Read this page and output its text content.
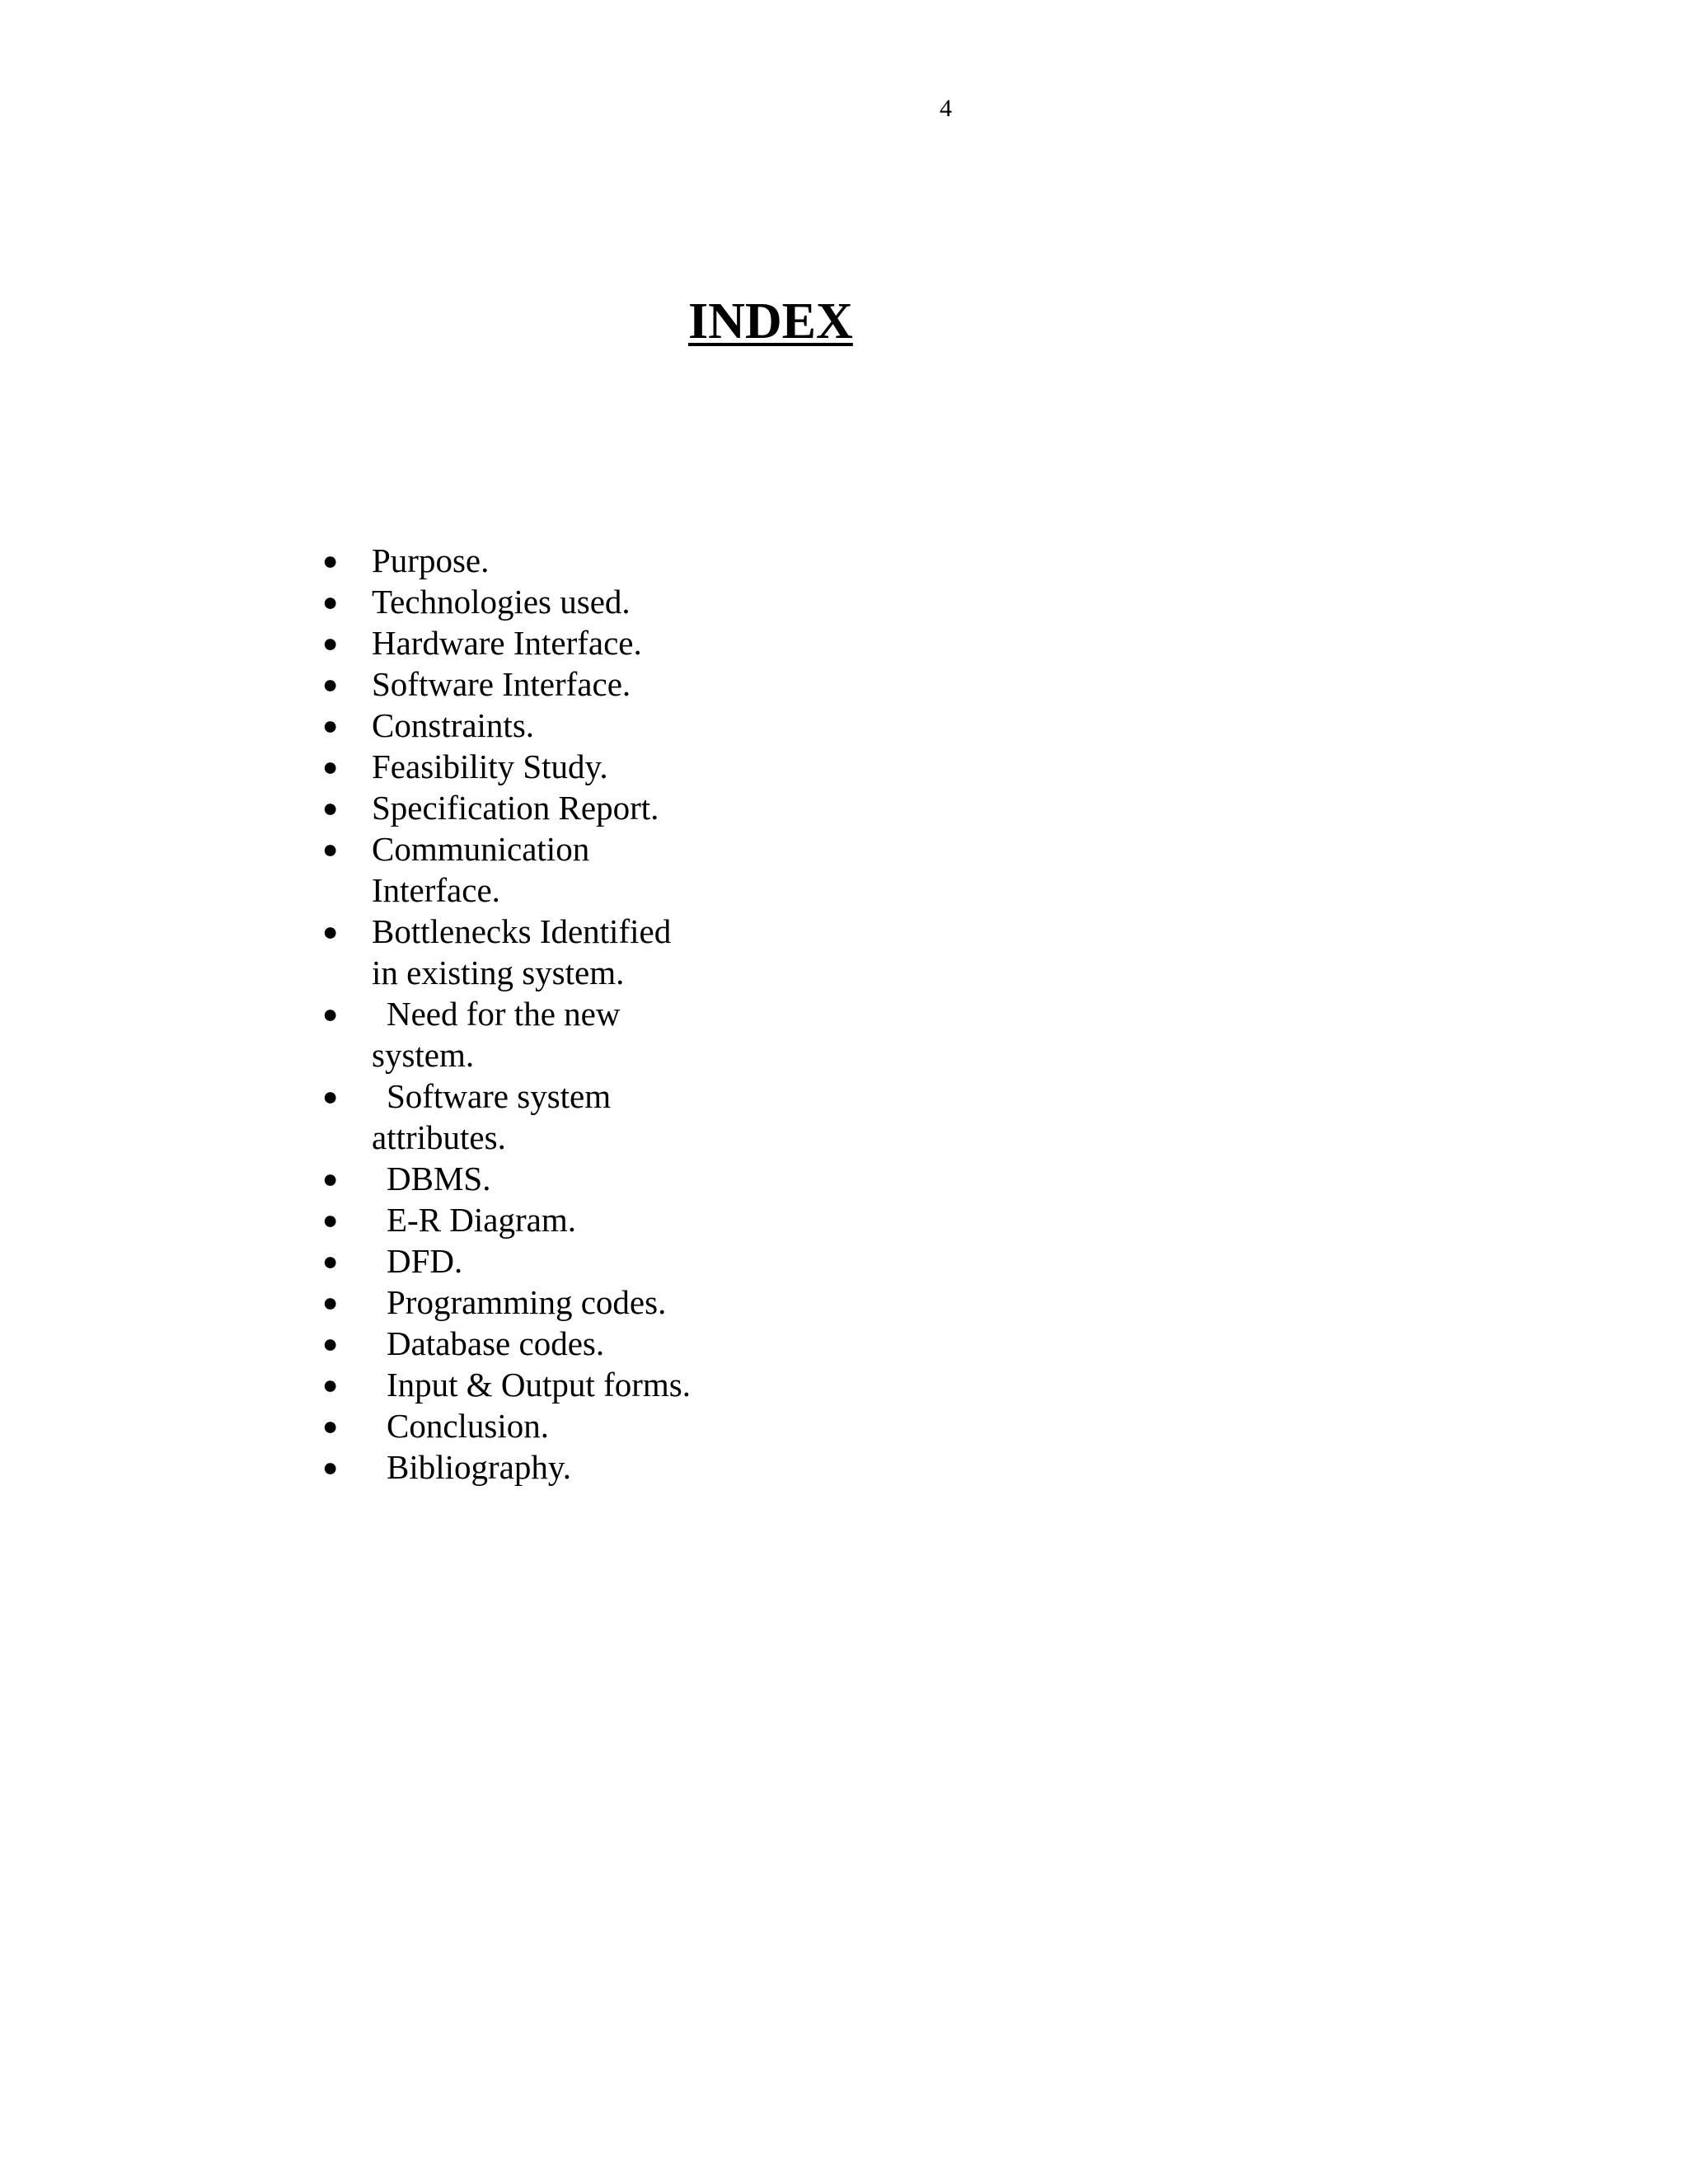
4
INDEX
● Purpose.
● Technologies used.
● Hardware Interface.
● Software Interface.
● Constraints.
● Feasibility Study.
● Specification Report.
● Communication Interface.
● Bottlenecks Identified in existing system.
●	Need for the new system.
●	Software system attributes.
●	DBMS.
●	E-R Diagram.
●	DFD.
●	Programming codes.
●	Database codes.
●	Input & Output forms.
●	Conclusion.
●	Bibliography.
